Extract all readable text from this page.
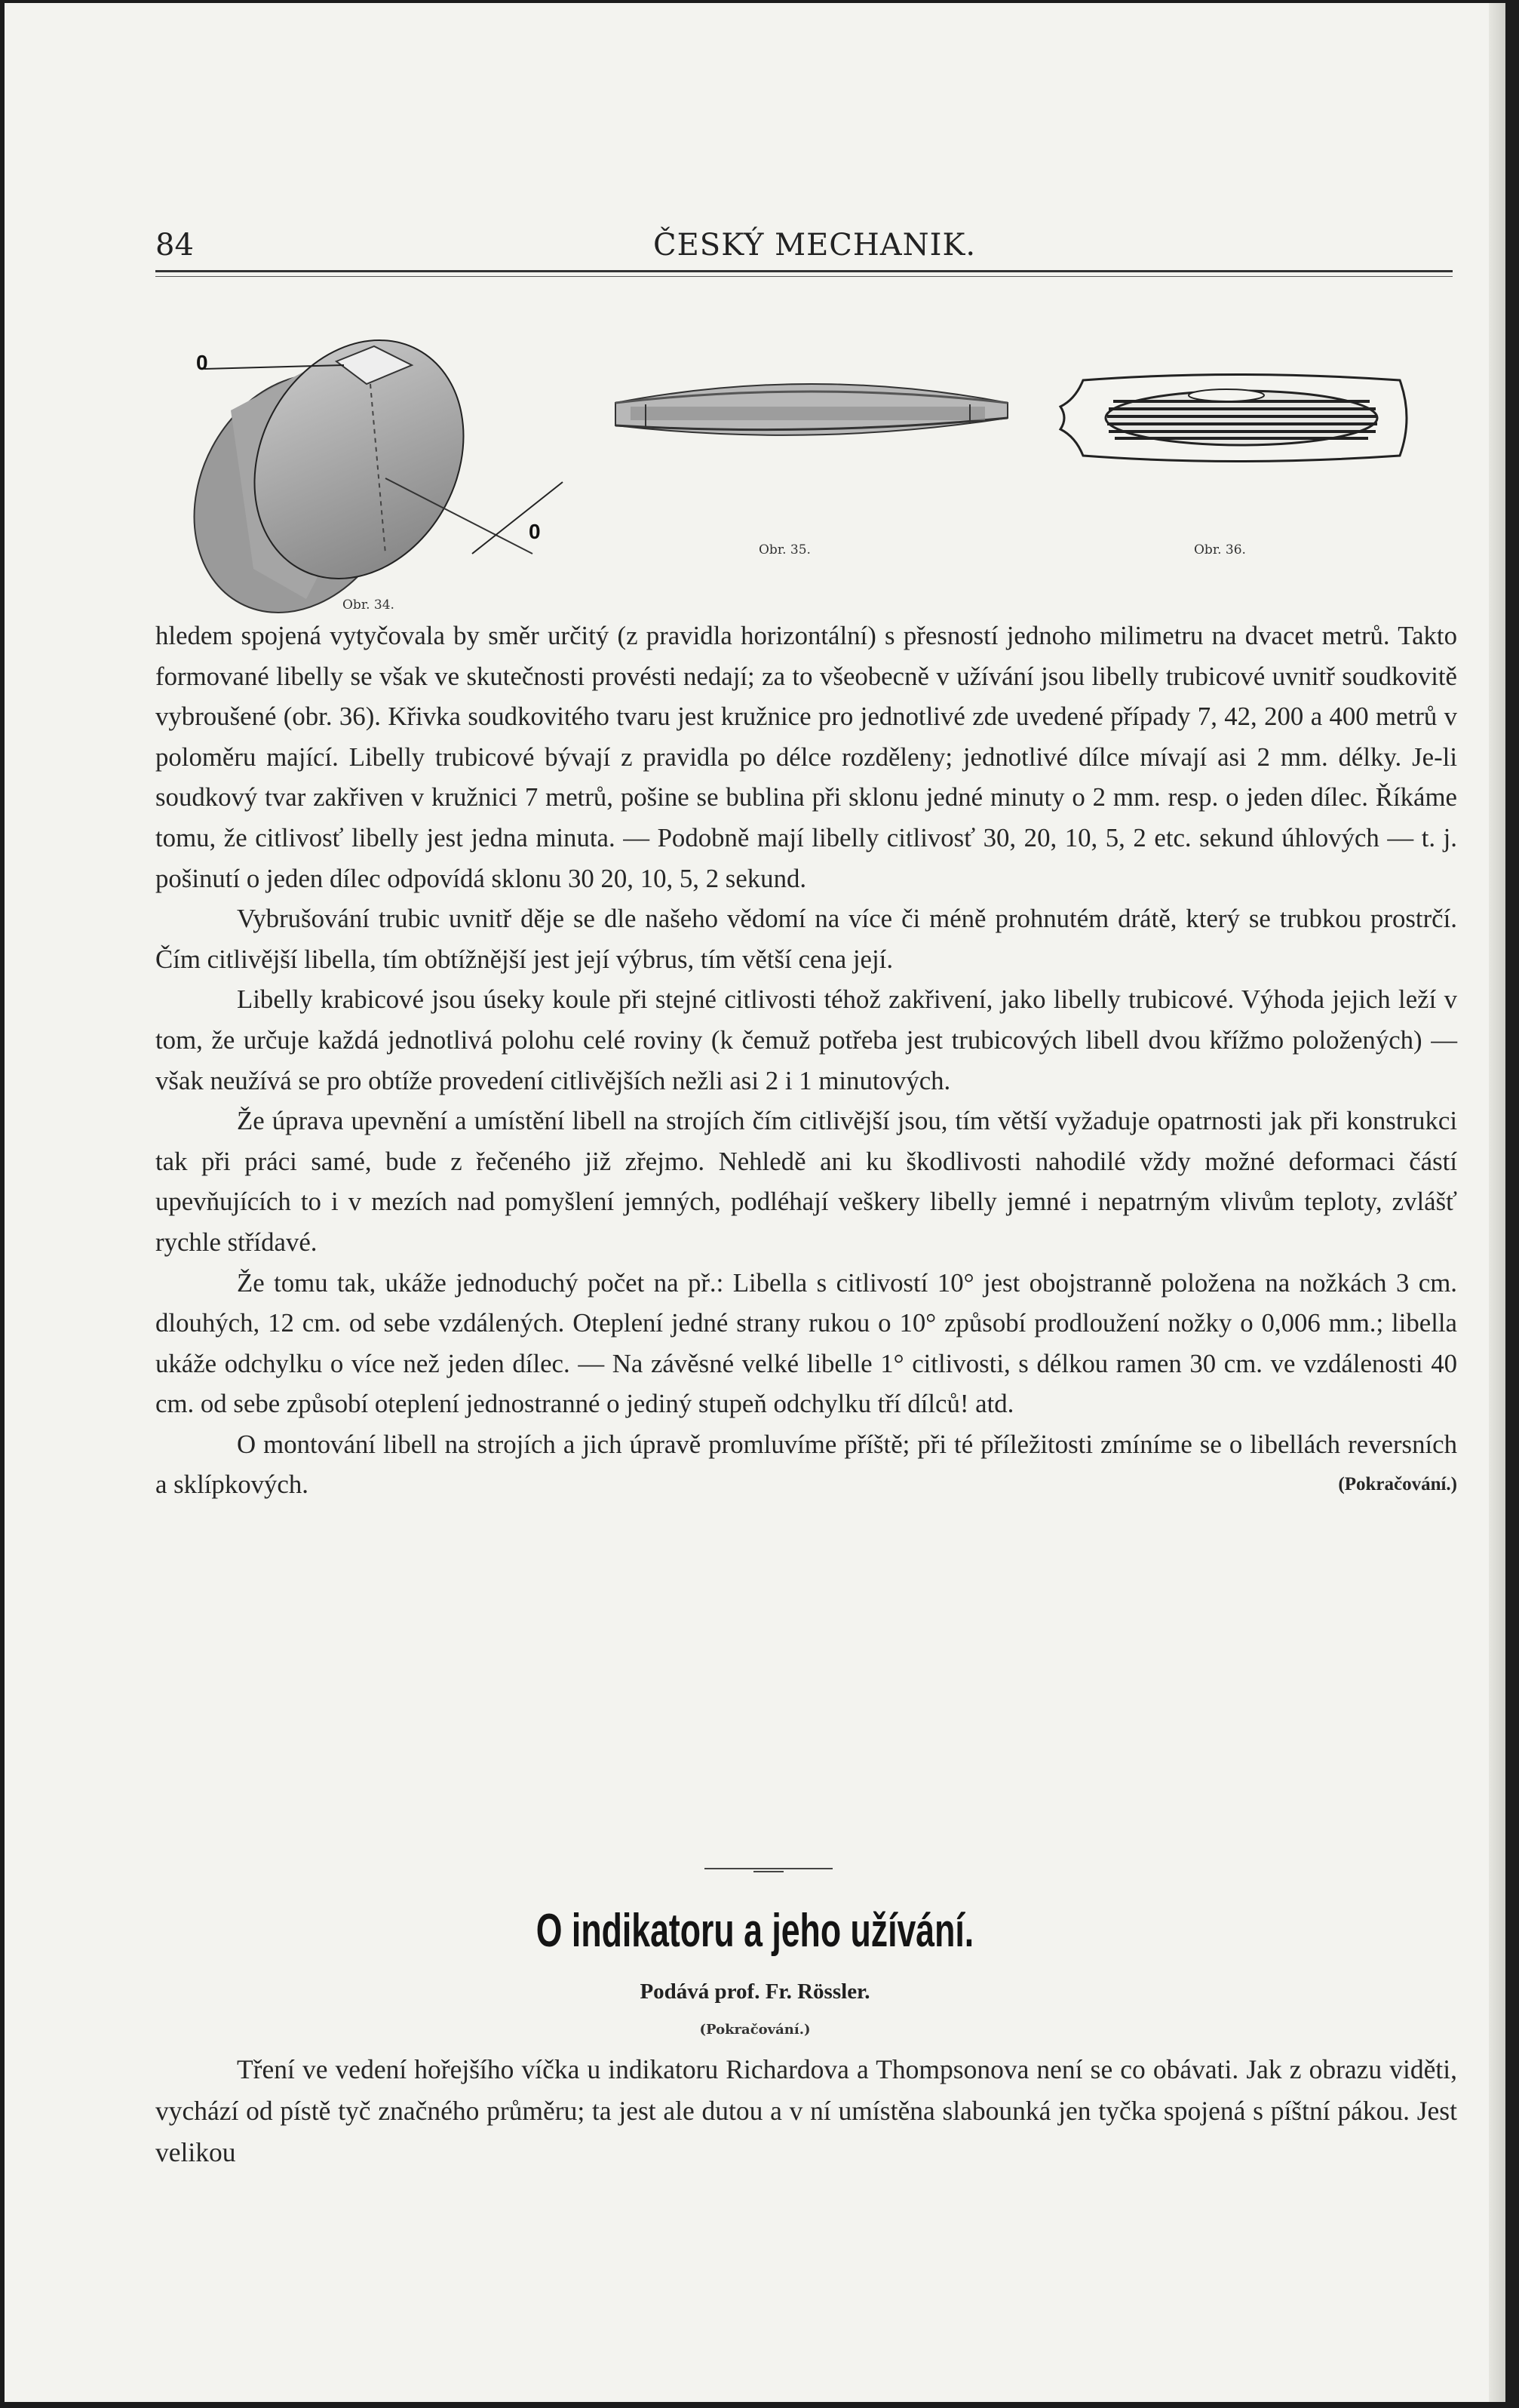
84	ČESKÝ MECHANIK.
0
0
Obr. 34.
Obr. 35.	Obr. 36.

hledem spojená vytyčovala by směr určitý (z pravidla horizontální) s přesností jednoho milimetru na dvacet metrů. Takto formované libelly se však ve skutečnosti provésti nedají; za to všeobecně v užívání jsou libelly trubicové uvnitř soudkovitě vybroušené (obr. 36). Křivka soudkovitého tvaru jest kružnice pro jednotlivé zde uvedené případy 7, 42, 200 a 400 metrů v poloměru mající. Libelly trubicové bývají z pravidla po délce rozděleny; jednotlivé dílce mívají asi 2 mm. délky. Je-li soudkový tvar zakřiven v kružnici 7 metrů, pošine se bublina při sklonu jedné minuty o 2 mm. resp. o jeden dílec. Říkáme tomu, že citlivosť libelly jest jedna minuta. — Podobně mají libelly citlivosť 30, 20, 10, 5, 2 etc. sekund úhlových — t. j. pošinutí o jeden dílec odpovídá sklonu 30 20, 10, 5, 2 sekund.

Vybrušování trubic uvnitř děje se dle našeho vědomí na více či méně prohnutém drátě, který se trubkou prostrčí. Čím citlivější libella, tím obtížnější jest její výbrus, tím větší cena její.

Libelly krabicové jsou úseky koule při stejné citlivosti téhož zakřivení, jako libelly trubicové. Výhoda jejich leží v tom, že určuje každá jednotlivá polohu celé roviny (k čemuž potřeba jest trubicových libell dvou křížmo položených) — však neužívá se pro obtíže provedení citlivějších nežli asi 2 i 1 minutových.

Že úprava upevnění a umístění libell na strojích čím citlivější jsou, tím větší vyžaduje opatrnosti jak při konstrukci tak při práci samé, bude z řečeného již zřejmo. Nehledě ani ku škodlivosti nahodilé vždy možné deformaci částí upevňujících to i v mezích nad pomyšlení jemných, podléhají veškery libelly jemné i nepatrným vlivům teploty, zvlášť rychle střídavé.

Že tomu tak, ukáže jednoduchý počet na př.: Libella s citlivostí 10° jest obojstranně položena na nožkách 3 cm. dlouhých, 12 cm. od sebe vzdálených. Oteplení jedné strany rukou o 10° způsobí prodloužení nožky o 0,006 mm.; libella ukáže odchylku o více než jeden dílec. — Na závěsné velké libelle 1° citlivosti, s délkou ramen 30 cm. ve vzdálenosti 40 cm. od sebe způsobí oteplení jednostranné o jediný stupeň odchylku tří dílců! atd.

O montování libell na strojích a jich úpravě promluvíme příště; při té příležitosti zmíníme se o libellách reversních a sklípkových.	(Pokračování.)

O indikatoru a jeho užívání.
Podává prof. Fr. Rössler.
(Pokračování.)

Tření ve vedení hořejšího víčka u indikatoru Richardova a Thompsonova není se co obávati. Jak z obrazu viděti, vychází od pístě tyč značného průměru; ta jest ale dutou a v ní umístěna slabounká jen tyčka spojená s píštní pákou. Jest velikou
